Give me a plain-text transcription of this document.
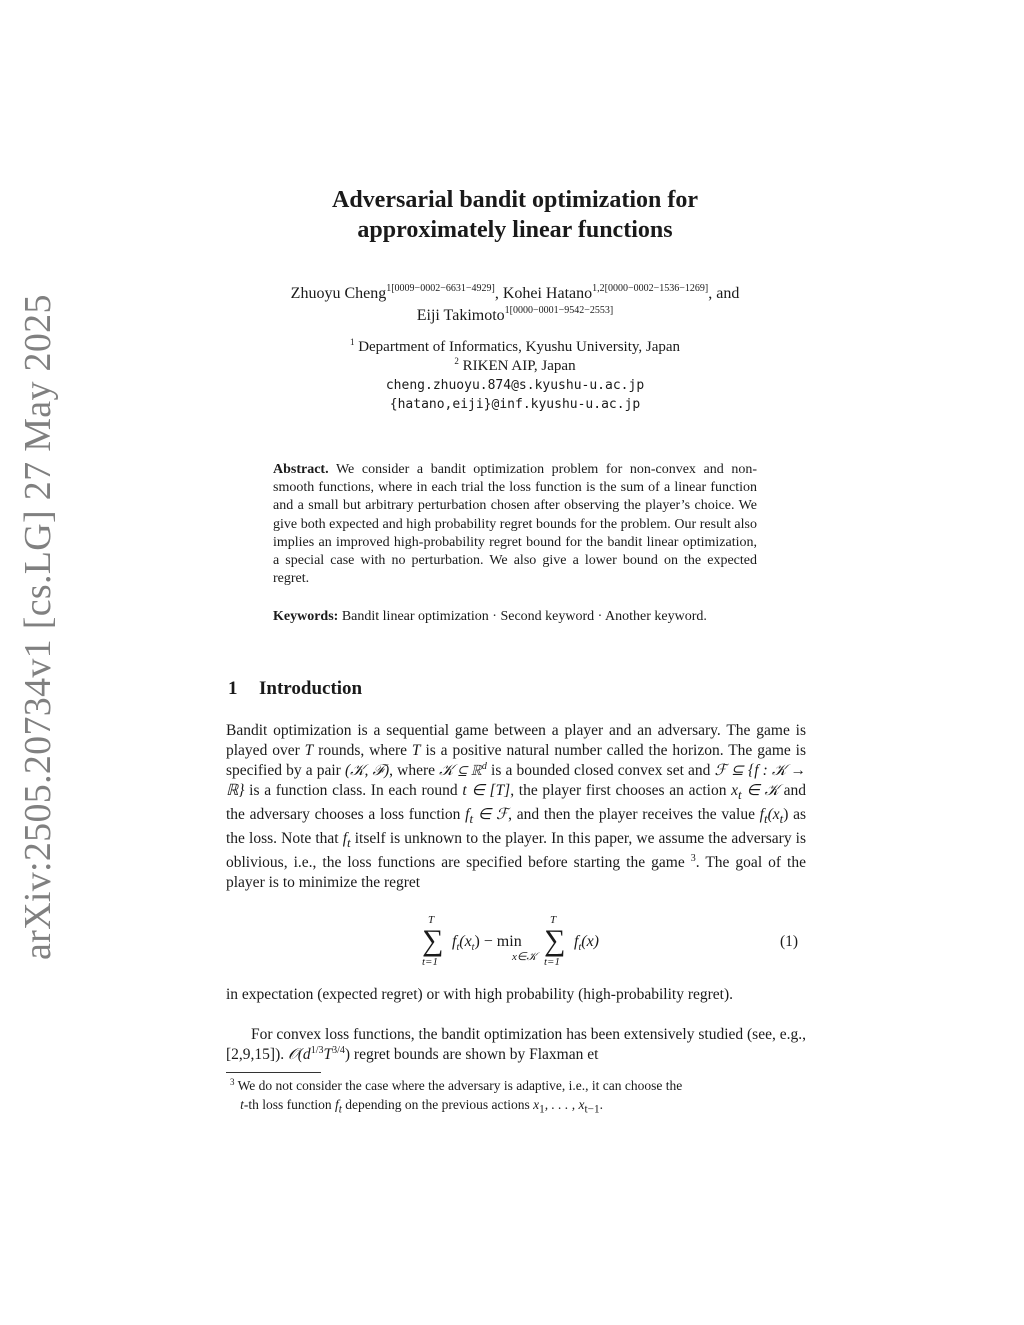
arXiv:2505.20734v1 [cs.LG] 27 May 2025
Adversarial bandit optimization for
approximately linear functions
Zhuoyu Cheng$^{1[0009-0002-6631-4929]}$, Kohei Hatano$^{1,2[0000-0002-1536-1269]}$, and
Eiji Takimoto$^{1[0000-0001-9542-2553]}$
$^1$ Department of Informatics, Kyushu University, Japan
$^2$ RIKEN AIP, Japan
cheng.zhuoyu.874@s.kyushu-u.ac.jp
{hatano,eiji}@inf.kyushu-u.ac.jp
Abstract. We consider a bandit optimization problem for non-convex and non-smooth functions, where in each trial the loss function is the sum of a linear function and a small but arbitrary perturbation chosen after observing the player’s choice. We give both expected and high probability regret bounds for the problem. Our result also implies an improved high-probability regret bound for the bandit linear optimization, a special case with no perturbation. We also give a lower bound on the expected regret.
Keywords: Bandit linear optimization · Second keyword · Another keyword.
1 Introduction
Bandit optimization is a sequential game between a player and an adversary. The game is played over T rounds, where T is a positive natural number called the horizon. The game is specified by a pair (𝒦, ℱ), where 𝒦 ⊆ ℝ$^d$ is a bounded closed convex set and ℱ ⊆ {f : 𝒦 → ℝ} is a function class. In each round t ∈ [T], the player first chooses an action $x_t$ ∈ 𝒦 and the adversary chooses a loss function $f_t$ ∈ ℱ, and then the player receives the value $f_t(x_t)$ as the loss. Note that $f_t$ itself is unknown to the player. In this paper, we assume the adversary is oblivious, i.e., the loss functions are specified before starting the game $^3$. The goal of the player is to minimize the regret
T
∑
t=1
$f_t(x_t) - \min$
x∈𝒦
T
∑
t=1
$f_t(x)$	(1)
in expectation (expected regret) or with high probability (high-probability regret).
For convex loss functions, the bandit optimization has been extensively studied (see, e.g.,[2,9,15]). $𝒪(d^{1/3}T^{3/4})$ regret bounds are shown by Flaxman et
$^3$ We do not consider the case where the adversary is adaptive, i.e., it can choose the
t-th loss function $f_t$ depending on the previous actions $x_1$, . . . , $x_{t-1}$.
